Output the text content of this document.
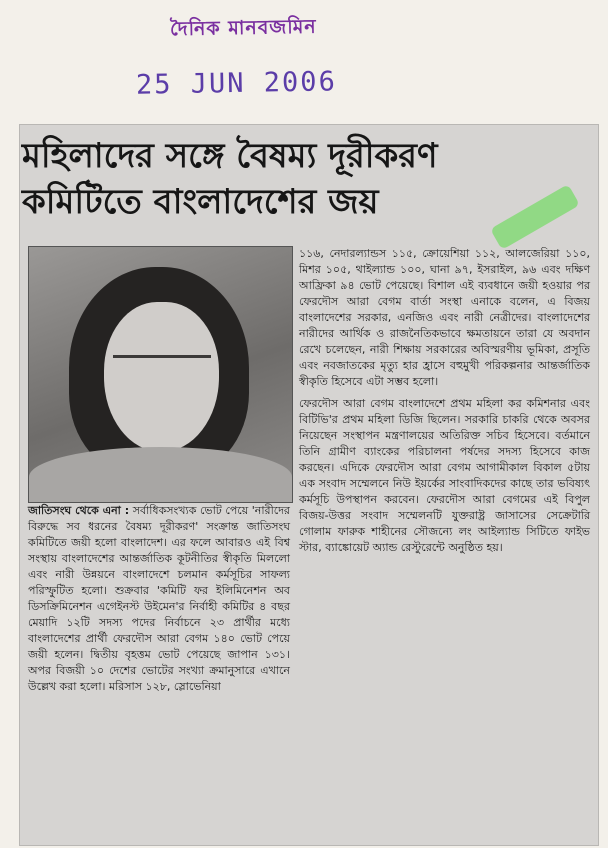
দৈনিক মানবজমিন
25 JUN 2006
মহিলাদের সঙ্গে বৈষম্য দূরীকরণ
কমিটিতে বাংলাদেশের জয়

জাতিসংঘ থেকে এনা : সর্বাধিকসংখ্যক ভোট পেয়ে 'নারীদের বিরুদ্ধে সব ধরনের বৈষম্য দূরীকরণ' সংক্রান্ত জাতিসংঘ কমিটিতে জয়ী হলো বাংলাদেশ। এর ফলে আবারও এই বিশ্ব সংস্থায় বাংলাদেশের আন্তর্জাতিক কূটনীতির স্বীকৃতি মিললো এবং নারী উন্নয়নে বাংলাদেশে চলমান কর্মসূচির সাফল্য পরিস্ফুটিত হলো। শুক্রবার 'কমিটি ফর ইলিমিনেশন অব ডিসক্রিমিনেশন এগেইনস্ট উইমেন'র নির্বাহী কমিটির ৪ বছর মেয়াদি ১২টি সদস্য পদের নির্বাচনে ২৩ প্রার্থীর মধ্যে বাংলাদেশের প্রার্থী ফেরদৌস আরা বেগম ১৪০ ভোট পেয়ে জয়ী হলেন। দ্বিতীয় বৃহত্তম ভোট পেয়েছে জাপান ১৩১। অপর বিজয়ী ১০ দেশের ভোটের সংখ্যা ক্রমানুসারে এখানে উল্লেখ করা হলো। মরিসাস ১২৮, স্লোভেনিয়া

১১৬, নেদারল্যান্ডস ১১৫, ক্রোয়েশিয়া ১১২, আলজেরিয়া ১১০, মিশর ১০৫, থাইল্যান্ড ১০০, ঘানা ৯৭, ইসরাইল, ৯৬ এবং দক্ষিণ আফ্রিকা ৯৪ ভোট পেয়েছে। বিশাল এই ব্যবধানে জয়ী হওয়ার পর ফেরদৌস আরা বেগম বার্তা সংস্থা এনাকে বলেন, এ বিজয় বাংলাদেশের সরকার, এনজিও এবং নারী নেত্রীদের। বাংলাদেশের নারীদের আর্থিক ও রাজনৈতিকভাবে ক্ষমতায়নে তারা যে অবদান রেখে চলেছেন, নারী শিক্ষায় সরকারের অবিস্মরণীয় ভূমিকা, প্রসূতি এবং নবজাতকের মৃত্যু হার হ্রাসে বহুমুখী পরিকল্পনার আন্তর্জাতিক স্বীকৃতি হিসেবে এটা সম্ভব হলো।

ফেরদৌস আরা বেগম বাংলাদেশে প্রথম মহিলা কর কমিশনার এবং বিটিভি'র প্রথম মহিলা ডিজি ছিলেন। সরকারি চাকরি থেকে অবসর নিয়েছেন সংস্থাপন মন্ত্রণালয়ের অতিরিক্ত সচিব হিসেবে। বর্তমানে তিনি গ্রামীণ ব্যাংকের পরিচালনা পর্ষদের সদস্য হিসেবে কাজ করছেন। এদিকে ফেরদৌস আরা বেগম আগামীকাল বিকাল ৫টায় এক সংবাদ সম্মেলনে নিউ ইয়র্কের সাংবাদিকদের কাছে তার ভবিষ্যৎ কর্মসূচি উপস্থাপন করবেন। ফেরদৌস আরা বেগমের এই বিপুল বিজয়-উত্তর সংবাদ সম্মেলনটি যুক্তরাষ্ট্র জাসাসের সেক্রেটারি গোলাম ফারুক শাহীনের সৌজন্যে লং আইল্যান্ড সিটিতে ফাইভ স্টার, ব্যাঙ্কোয়েট অ্যান্ড রেস্টুরেন্টে অনুষ্ঠিত হয়।
